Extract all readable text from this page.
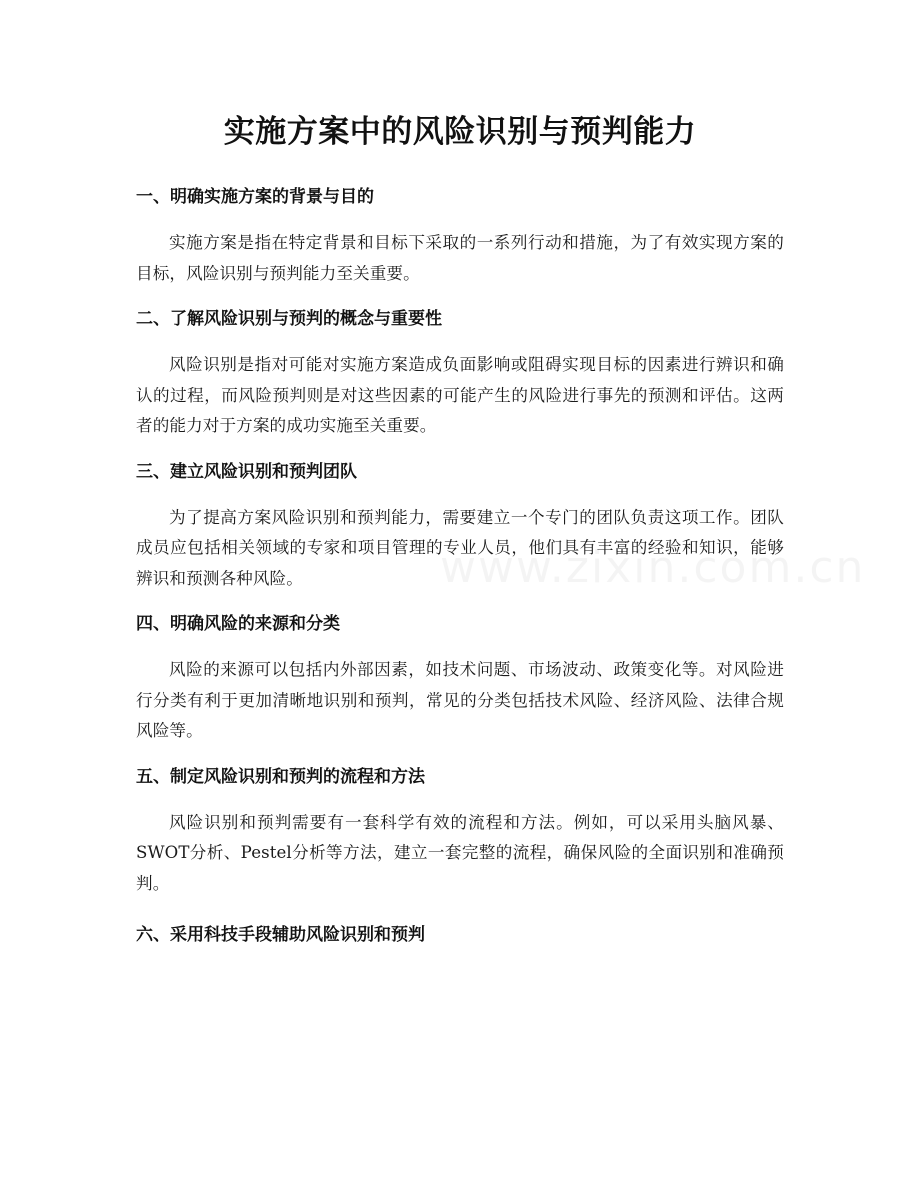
实施方案中的风险识别与预判能力
一、明确实施方案的背景与目的

实施方案是指在特定背景和目标下采取的一系列行动和措施，为了有效实现方案的目标，风险识别与预判能力至关重要。

二、了解风险识别与预判的概念与重要性

风险识别是指对可能对实施方案造成负面影响或阻碍实现目标的因素进行辨识和确认的过程，而风险预判则是对这些因素的可能产生的风险进行事先的预测和评估。这两者的能力对于方案的成功实施至关重要。

三、建立风险识别和预判团队

为了提高方案风险识别和预判能力，需要建立一个专门的团队负责这项工作。团队成员应包括相关领域的专家和项目管理的专业人员，他们具有丰富的经验和知识，能够辨识和预测各种风险。

四、明确风险的来源和分类

风险的来源可以包括内外部因素，如技术问题、市场波动、政策变化等。对风险进行分类有利于更加清晰地识别和预判，常见的分类包括技术风险、经济风险、法律合规风险等。

五、制定风险识别和预判的流程和方法

风险识别和预判需要有一套科学有效的流程和方法。例如，可以采用头脑风暴、SWOT分析、Pestel分析等方法，建立一套完整的流程，确保风险的全面识别和准确预判。

六、采用科技手段辅助风险识别和预判
